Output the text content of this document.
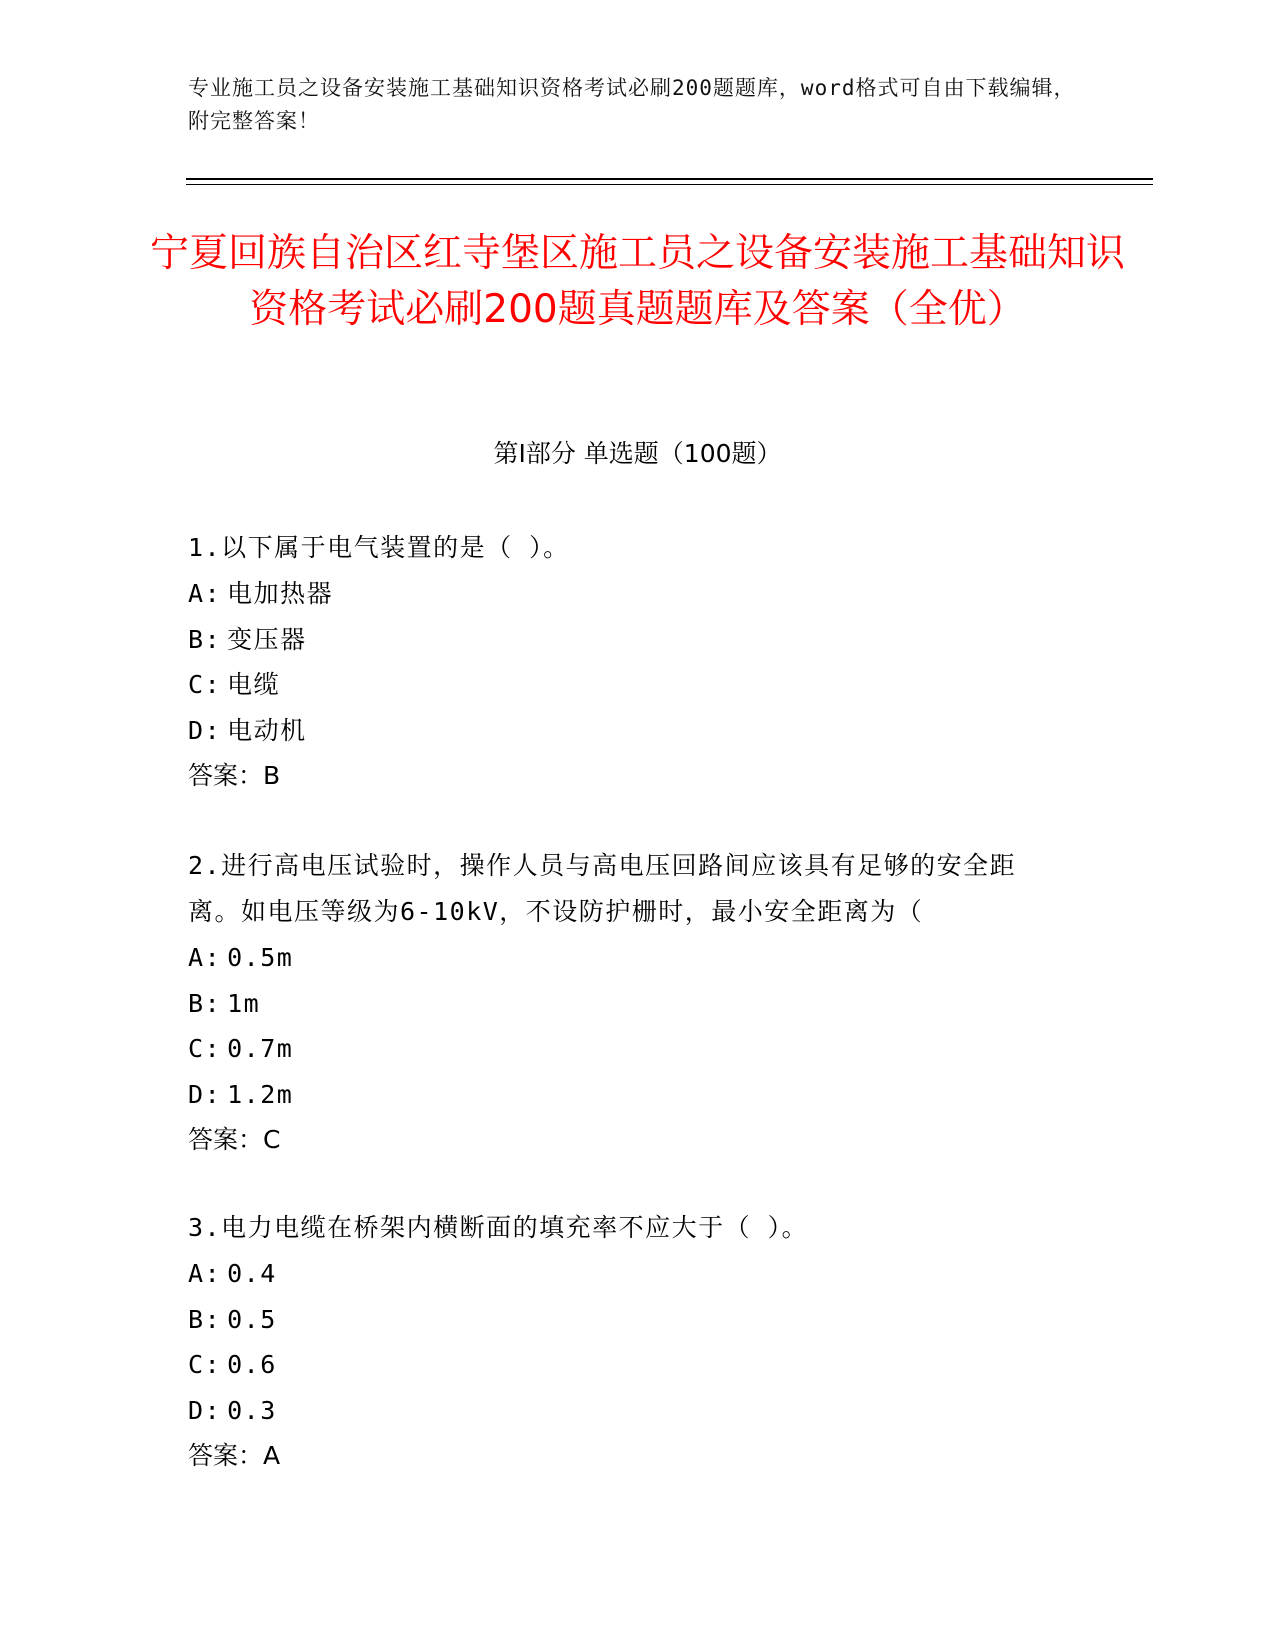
专业施工员之设备安装施工基础知识资格考试必刷200题题库，word格式可自由下载编辑，附完整答案！
宁夏回族自治区红寺堡区施工员之设备安装施工基础知识资格考试必刷200题真题题库及答案（全优）
第I部分 单选题（100题）

1.以下属于电气装置的是（ ）。

A: 电加热器

B: 变压器

C: 电缆

D: 电动机

答案：B

2.进行高电压试验时，操作人员与高电压回路间应该具有足够的安全距离。如电压等级为6-10kV，不设防护栅时，最小安全距离为（

A: 0.5m

B: 1m

C: 0.7m

D: 1.2m

答案：C

3.电力电缆在桥架内横断面的填充率不应大于（ ）。

A: 0.4

B: 0.5

C: 0.6

D: 0.3

答案：A
